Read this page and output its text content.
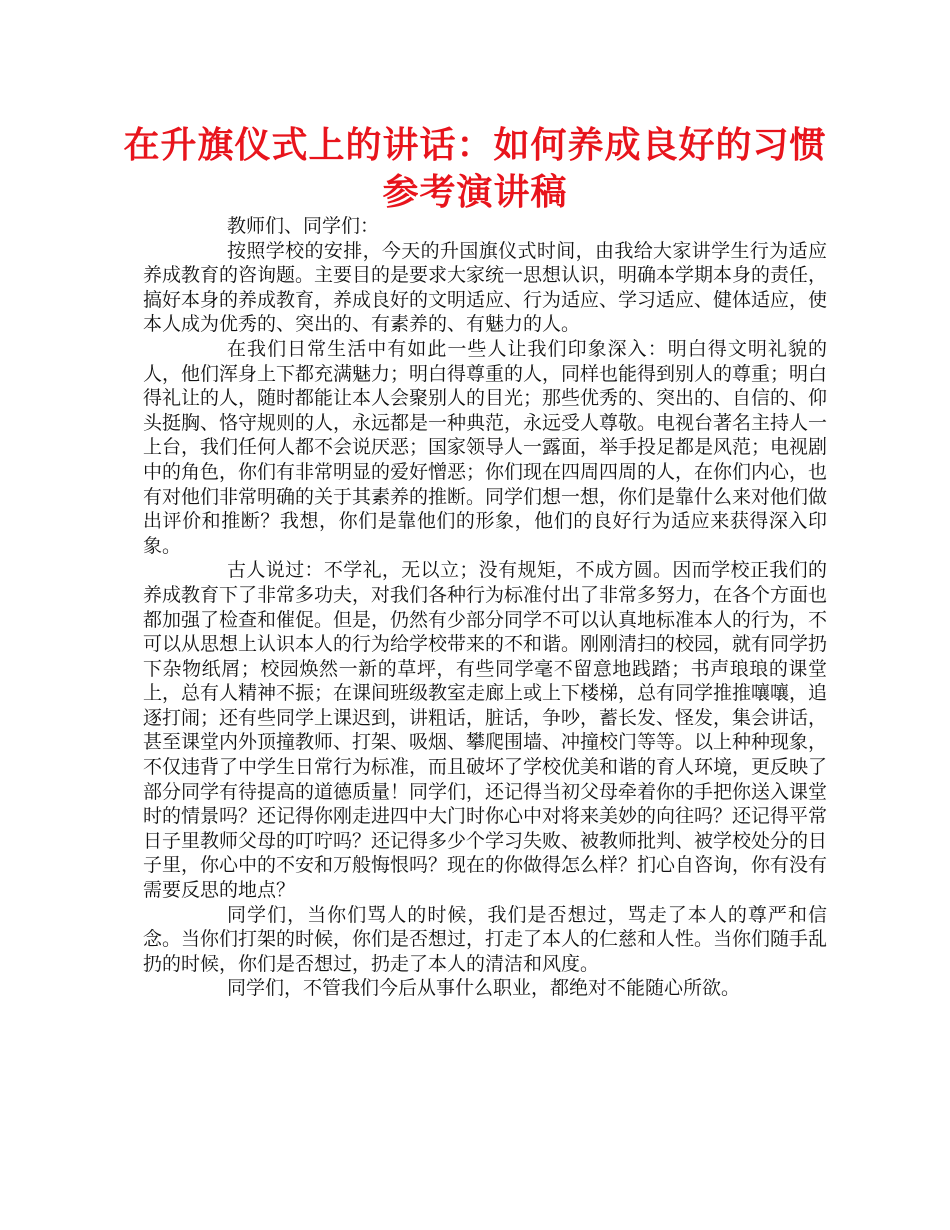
在升旗仪式上的讲话：如何养成良好的习惯参考演讲稿

教师们、同学们：

按照学校的安排，今天的升国旗仪式时间，由我给大家讲学生行为适应养成教育的咨询题。主要目的是要求大家统一思想认识，明确本学期本身的责任，搞好本身的养成教育，养成良好的文明适应、行为适应、学习适应、健体适应，使本人成为优秀的、突出的、有素养的、有魅力的人。

在我们日常生活中有如此一些人让我们印象深入：明白得文明礼貌的人，他们浑身上下都充满魅力；明白得尊重的人，同样也能得到别人的尊重；明白得礼让的人，随时都能让本人会聚别人的目光；那些优秀的、突出的、自信的、仰头挺胸、恪守规则的人，永远都是一种典范，永远受人尊敬。电视台著名主持人一上台，我们任何人都不会说厌恶；国家领导人一露面，举手投足都是风范；电视剧中的角色，你们有非常明显的爱好憎恶；你们现在四周四周的人，在你们内心，也有对他们非常明确的关于其素养的推断。同学们想一想，你们是靠什么来对他们做出评价和推断？我想，你们是靠他们的形象，他们的良好行为适应来获得深入印象。

古人说过：不学礼，无以立；没有规矩，不成方圆。因而学校正我们的养成教育下了非常多功夫，对我们各种行为标准付出了非常多努力，在各个方面也都加强了检查和催促。但是，仍然有少部分同学不可以认真地标准本人的行为，不可以从思想上认识本人的行为给学校带来的不和谐。刚刚清扫的校园，就有同学扔下杂物纸屑；校园焕然一新的草坪，有些同学毫不留意地践踏；书声琅琅的课堂上，总有人精神不振；在课间班级教室走廊上或上下楼梯，总有同学推推嚷嚷，追逐打闹；还有些同学上课迟到，讲粗话，脏话，争吵，蓄长发、怪发，集会讲话，甚至课堂内外顶撞教师、打架、吸烟、攀爬围墙、冲撞校门等等。以上种种现象，不仅违背了中学生日常行为标准，而且破坏了学校优美和谐的育人环境，更反映了部分同学有待提高的道德质量！同学们，还记得当初父母牵着你的手把你送入课堂时的情景吗？还记得你刚走进四中大门时你心中对将来美妙的向往吗？还记得平常日子里教师父母的叮咛吗？还记得多少个学习失败、被教师批判、被学校处分的日子里，你心中的不安和万般悔恨吗？现在的你做得怎么样？扪心自咨询，你有没有需要反思的地点？

同学们，当你们骂人的时候，我们是否想过，骂走了本人的尊严和信念。当你们打架的时候，你们是否想过，打走了本人的仁慈和人性。当你们随手乱扔的时候，你们是否想过，扔走了本人的清洁和风度。

同学们，不管我们今后从事什么职业，都绝对不能随心所欲。
